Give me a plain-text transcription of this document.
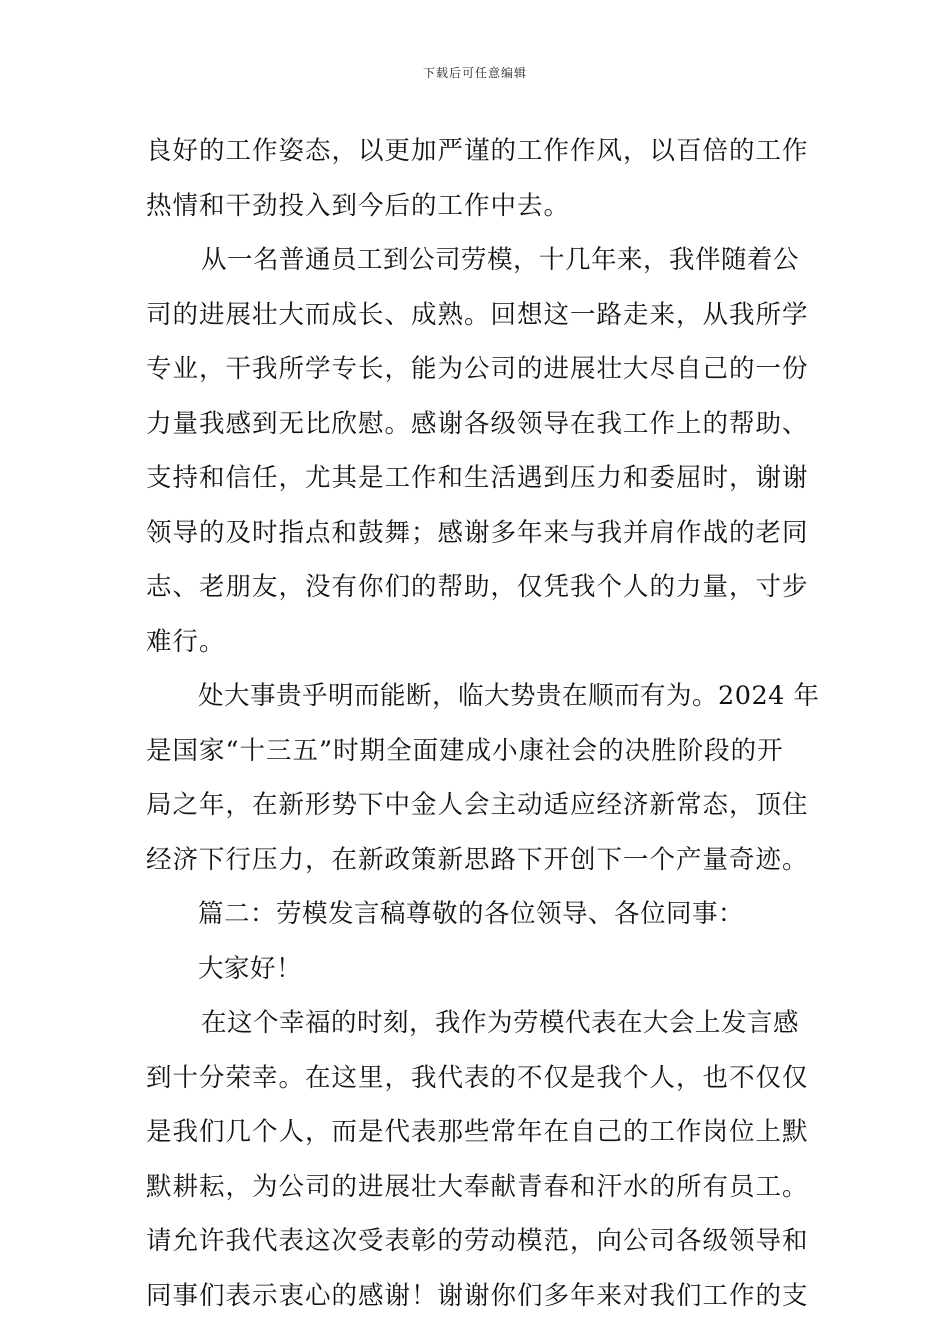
下载后可任意编辑
良好的工作姿态，以更加严谨的工作作风，以百倍的工作
热情和干劲投入到今后的工作中去。
从一名普通员工到公司劳模，十几年来，我伴随着公
司的进展壮大而成长、成熟。回想这一路走来，从我所学
专业，干我所学专长，能为公司的进展壮大尽自己的一份
力量我感到无比欣慰。感谢各级领导在我工作上的帮助、
支持和信任，尤其是工作和生活遇到压力和委屈时，谢谢
领导的及时指点和鼓舞；感谢多年来与我并肩作战的老同
志、老朋友，没有你们的帮助，仅凭我个人的力量，寸步
难行。
处大事贵乎明而能断，临大势贵在顺而有为。2024 年
是国家“十三五”时期全面建成小康社会的决胜阶段的开
局之年，在新形势下中金人会主动适应经济新常态，顶住
经济下行压力，在新政策新思路下开创下一个产量奇迹。
篇二：劳模发言稿尊敬的各位领导、各位同事：
大家好！
在这个幸福的时刻，我作为劳模代表在大会上发言感
到十分荣幸。在这里，我代表的不仅是我个人，也不仅仅
是我们几个人，而是代表那些常年在自己的工作岗位上默
默耕耘，为公司的进展壮大奉献青春和汗水的所有员工。
请允许我代表这次受表彰的劳动模范，向公司各级领导和
同事们表示衷心的感谢！谢谢你们多年来对我们工作的支
